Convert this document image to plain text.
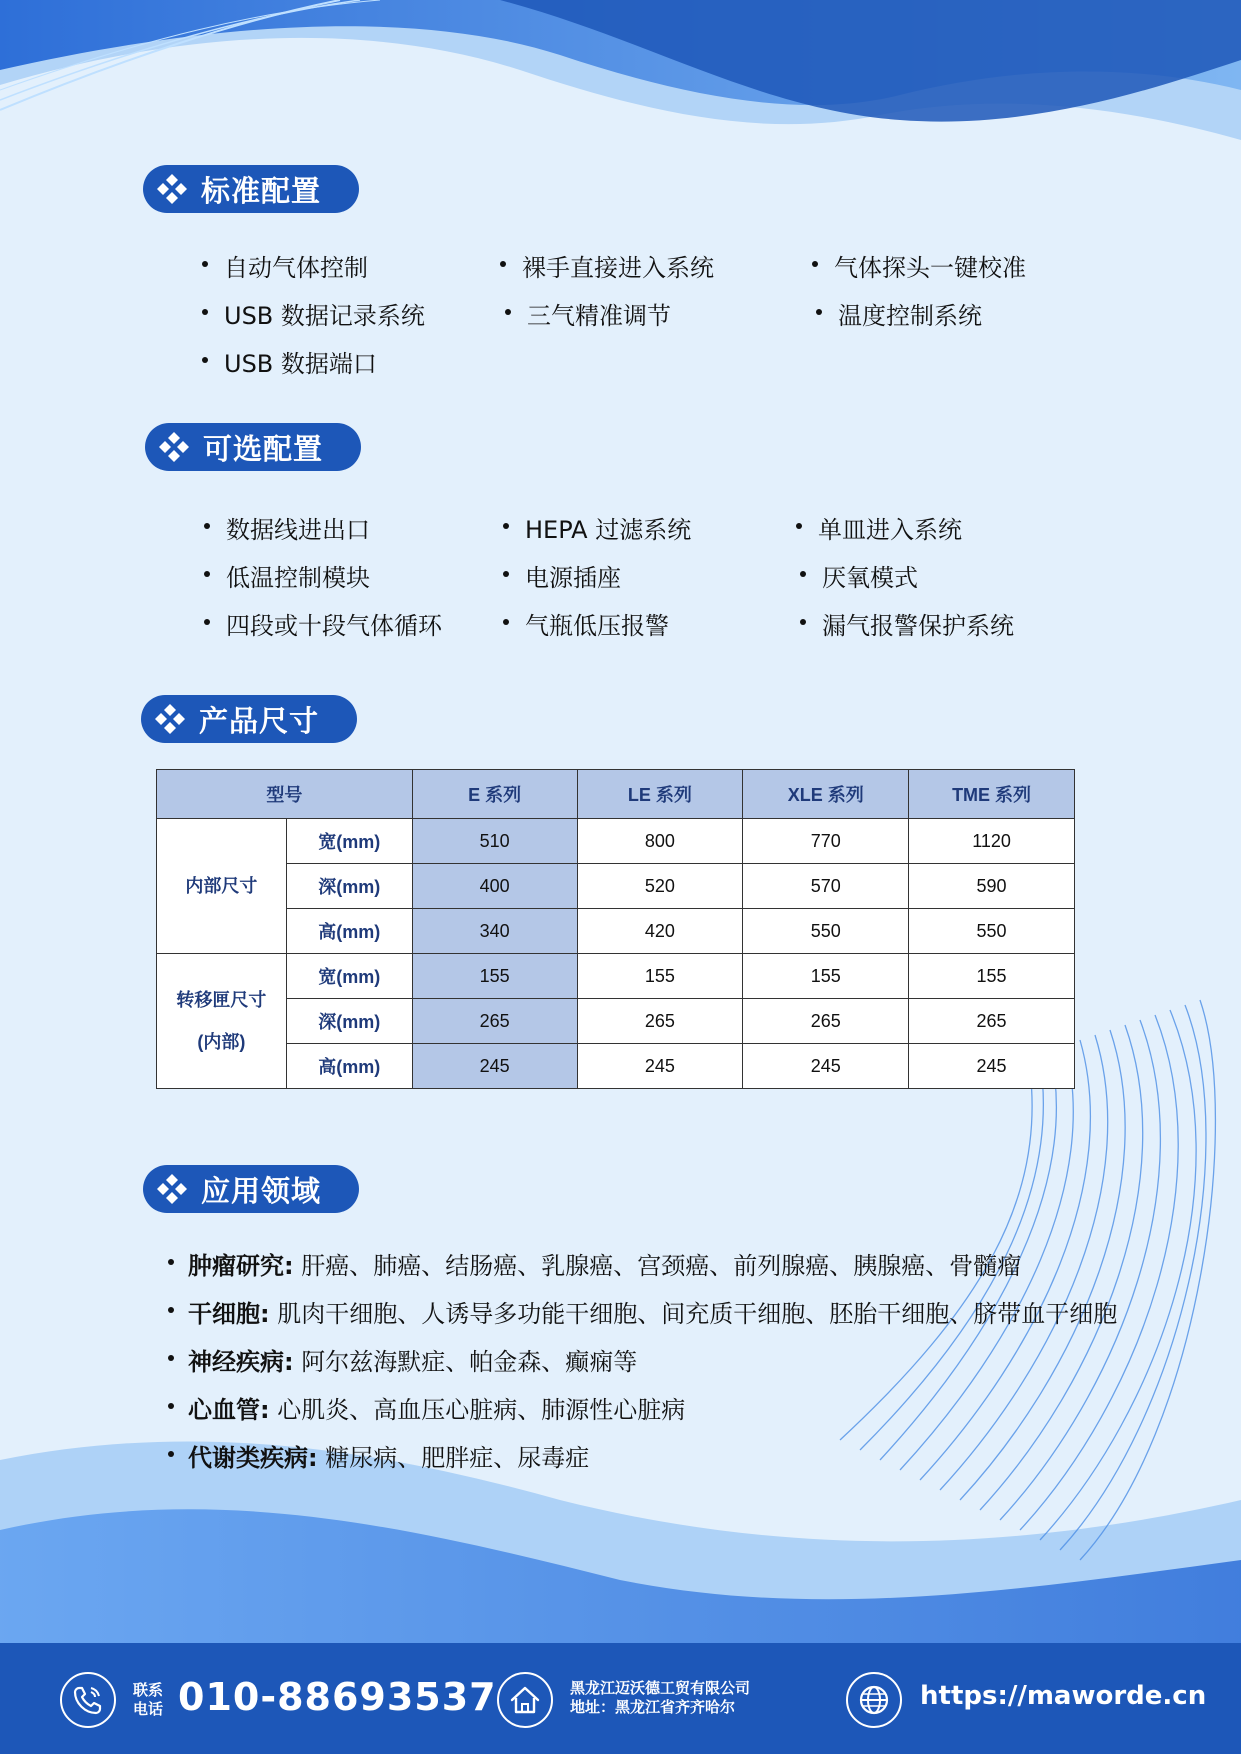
标准配置
自动气体控制	裸手直接进入系统	气体探头一键校准
USB 数据记录系统	三气精准调节	温度控制系统
USB 数据端口
可选配置
数据线进出口	HEPA 过滤系统	单皿进入系统
低温控制模块	电源插座	厌氧模式
四段或十段气体循环	气瓶低压报警	漏气报警保护系统
产品尺寸
型号		E 系列	LE 系列	XLE 系列	TME 系列
内部尺寸	宽(mm)	510	800	770	1120
	深(mm)	400	520	570	590
	高(mm)	340	420	550	550

转移匣尺寸
(内部)	宽(mm)	155	155	155	155
	深(mm)	265	265	265	265
	高(mm)	245	245	245	245
应用领域
肿瘤研究: 肝癌、肺癌、结肠癌、乳腺癌、宫颈癌、前列腺癌、胰腺癌、骨髓瘤
干细胞: 肌肉干细胞、人诱导多功能干细胞、间充质干细胞、胚胎干细胞、脐带血干细胞
神经疾病: 阿尔兹海默症、帕金森、癫痫等
心血管: 心肌炎、高血压心脏病、肺源性心脏病
代谢类疾病: 糖尿病、肥胖症、尿毒症
联系
电话 010-88693537	黑龙江迈沃德工贸有限公司
地址：黑龙江省齐齐哈尔	https://maworde.cn
